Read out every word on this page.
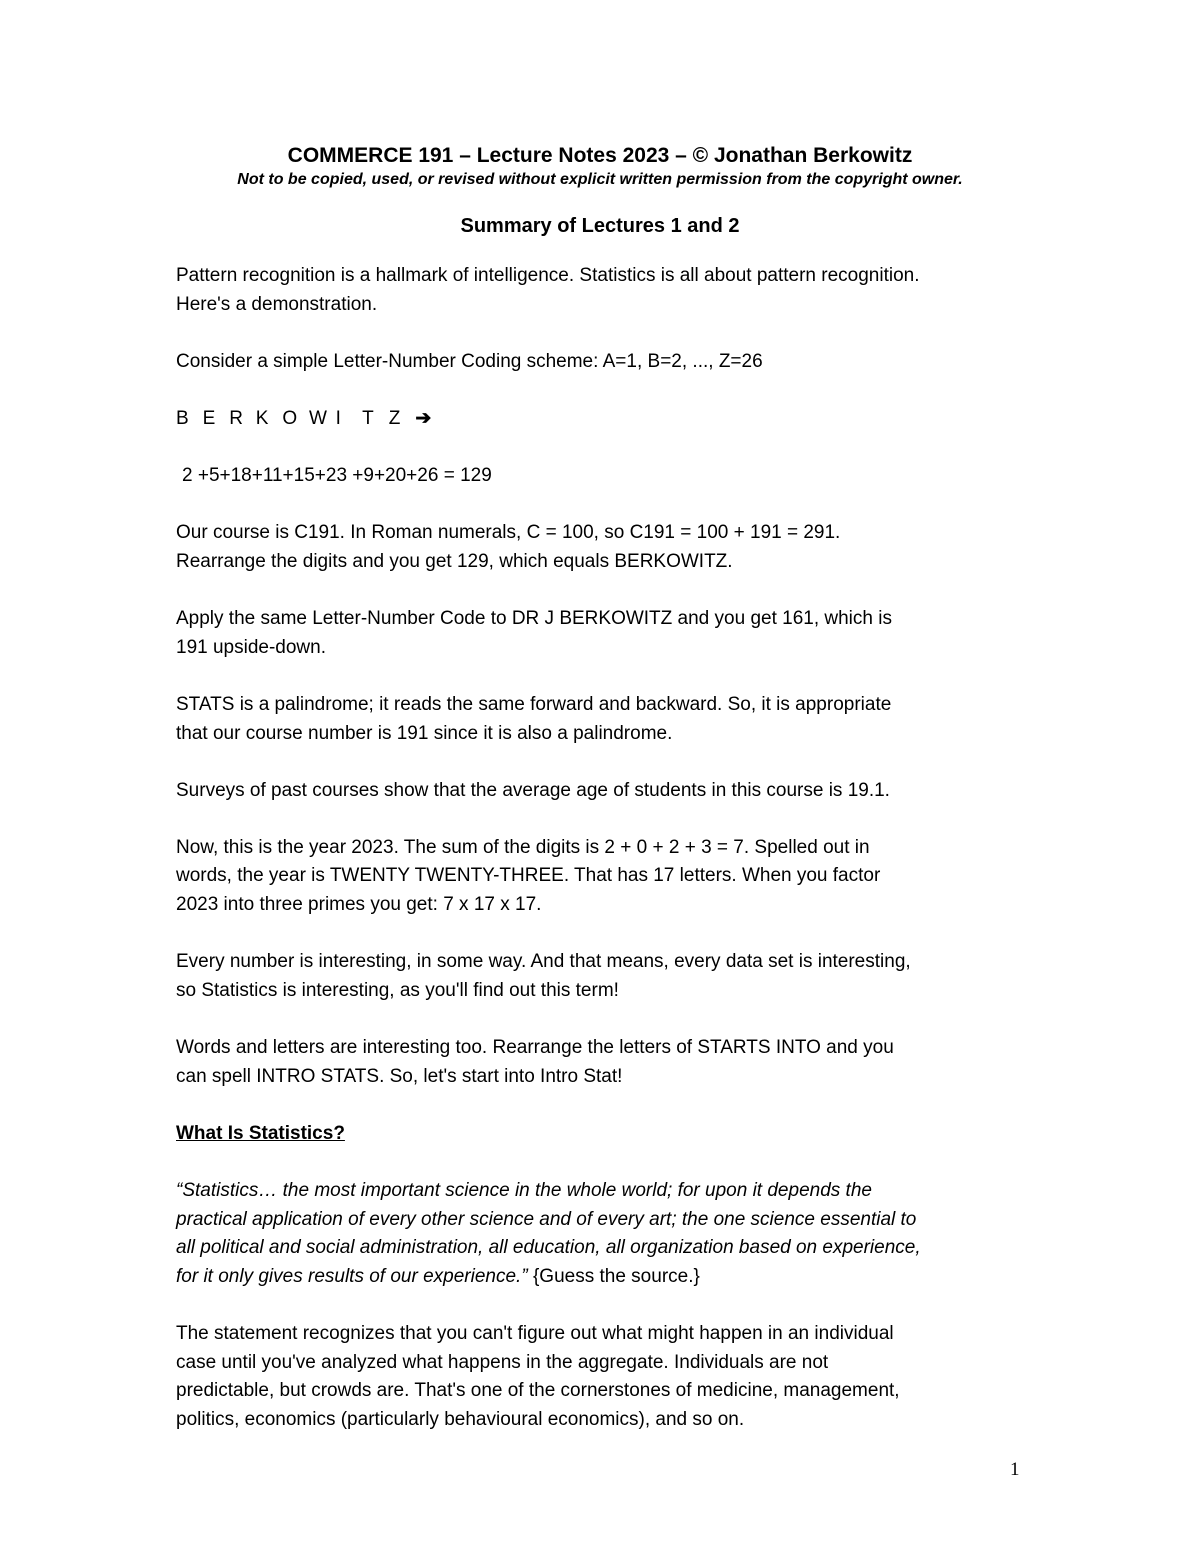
COMMERCE 191 – Lecture Notes 2023 – © Jonathan Berkowitz
Not to be copied, used, or revised without explicit written permission from the copyright owner.
Summary of Lectures 1 and 2

Pattern recognition is a hallmark of intelligence. Statistics is all about pattern recognition.
Here's a demonstration.

Consider a simple Letter-Number Coding scheme: A=1, B=2, ..., Z=26

B E R K O W I T Z ➔

2 +5+18+11+15+23 +9+20+26 = 129

Our course is C191. In Roman numerals, C = 100, so C191 = 100 + 191 = 291.
Rearrange the digits and you get 129, which equals BERKOWITZ.

Apply the same Letter-Number Code to DR J BERKOWITZ and you get 161, which is
191 upside-down.

STATS is a palindrome; it reads the same forward and backward. So, it is appropriate
that our course number is 191 since it is also a palindrome.

Surveys of past courses show that the average age of students in this course is 19.1.

Now, this is the year 2023. The sum of the digits is 2 + 0 + 2 + 3 = 7. Spelled out in
words, the year is TWENTY TWENTY-THREE. That has 17 letters. When you factor
2023 into three primes you get: 7 x 17 x 17.

Every number is interesting, in some way. And that means, every data set is interesting,
so Statistics is interesting, as you'll find out this term!

Words and letters are interesting too. Rearrange the letters of STARTS INTO and you
can spell INTRO STATS. So, let's start into Intro Stat!

What Is Statistics?

“Statistics… the most important science in the whole world; for upon it depends the
practical application of every other science and of every art; the one science essential to
all political and social administration, all education, all organization based on experience,
for it only gives results of our experience.” {Guess the source.}

The statement recognizes that you can't figure out what might happen in an individual
case until you've analyzed what happens in the aggregate. Individuals are not
predictable, but crowds are. That's one of the cornerstones of medicine, management,
politics, economics (particularly behavioural economics), and so on.

1
